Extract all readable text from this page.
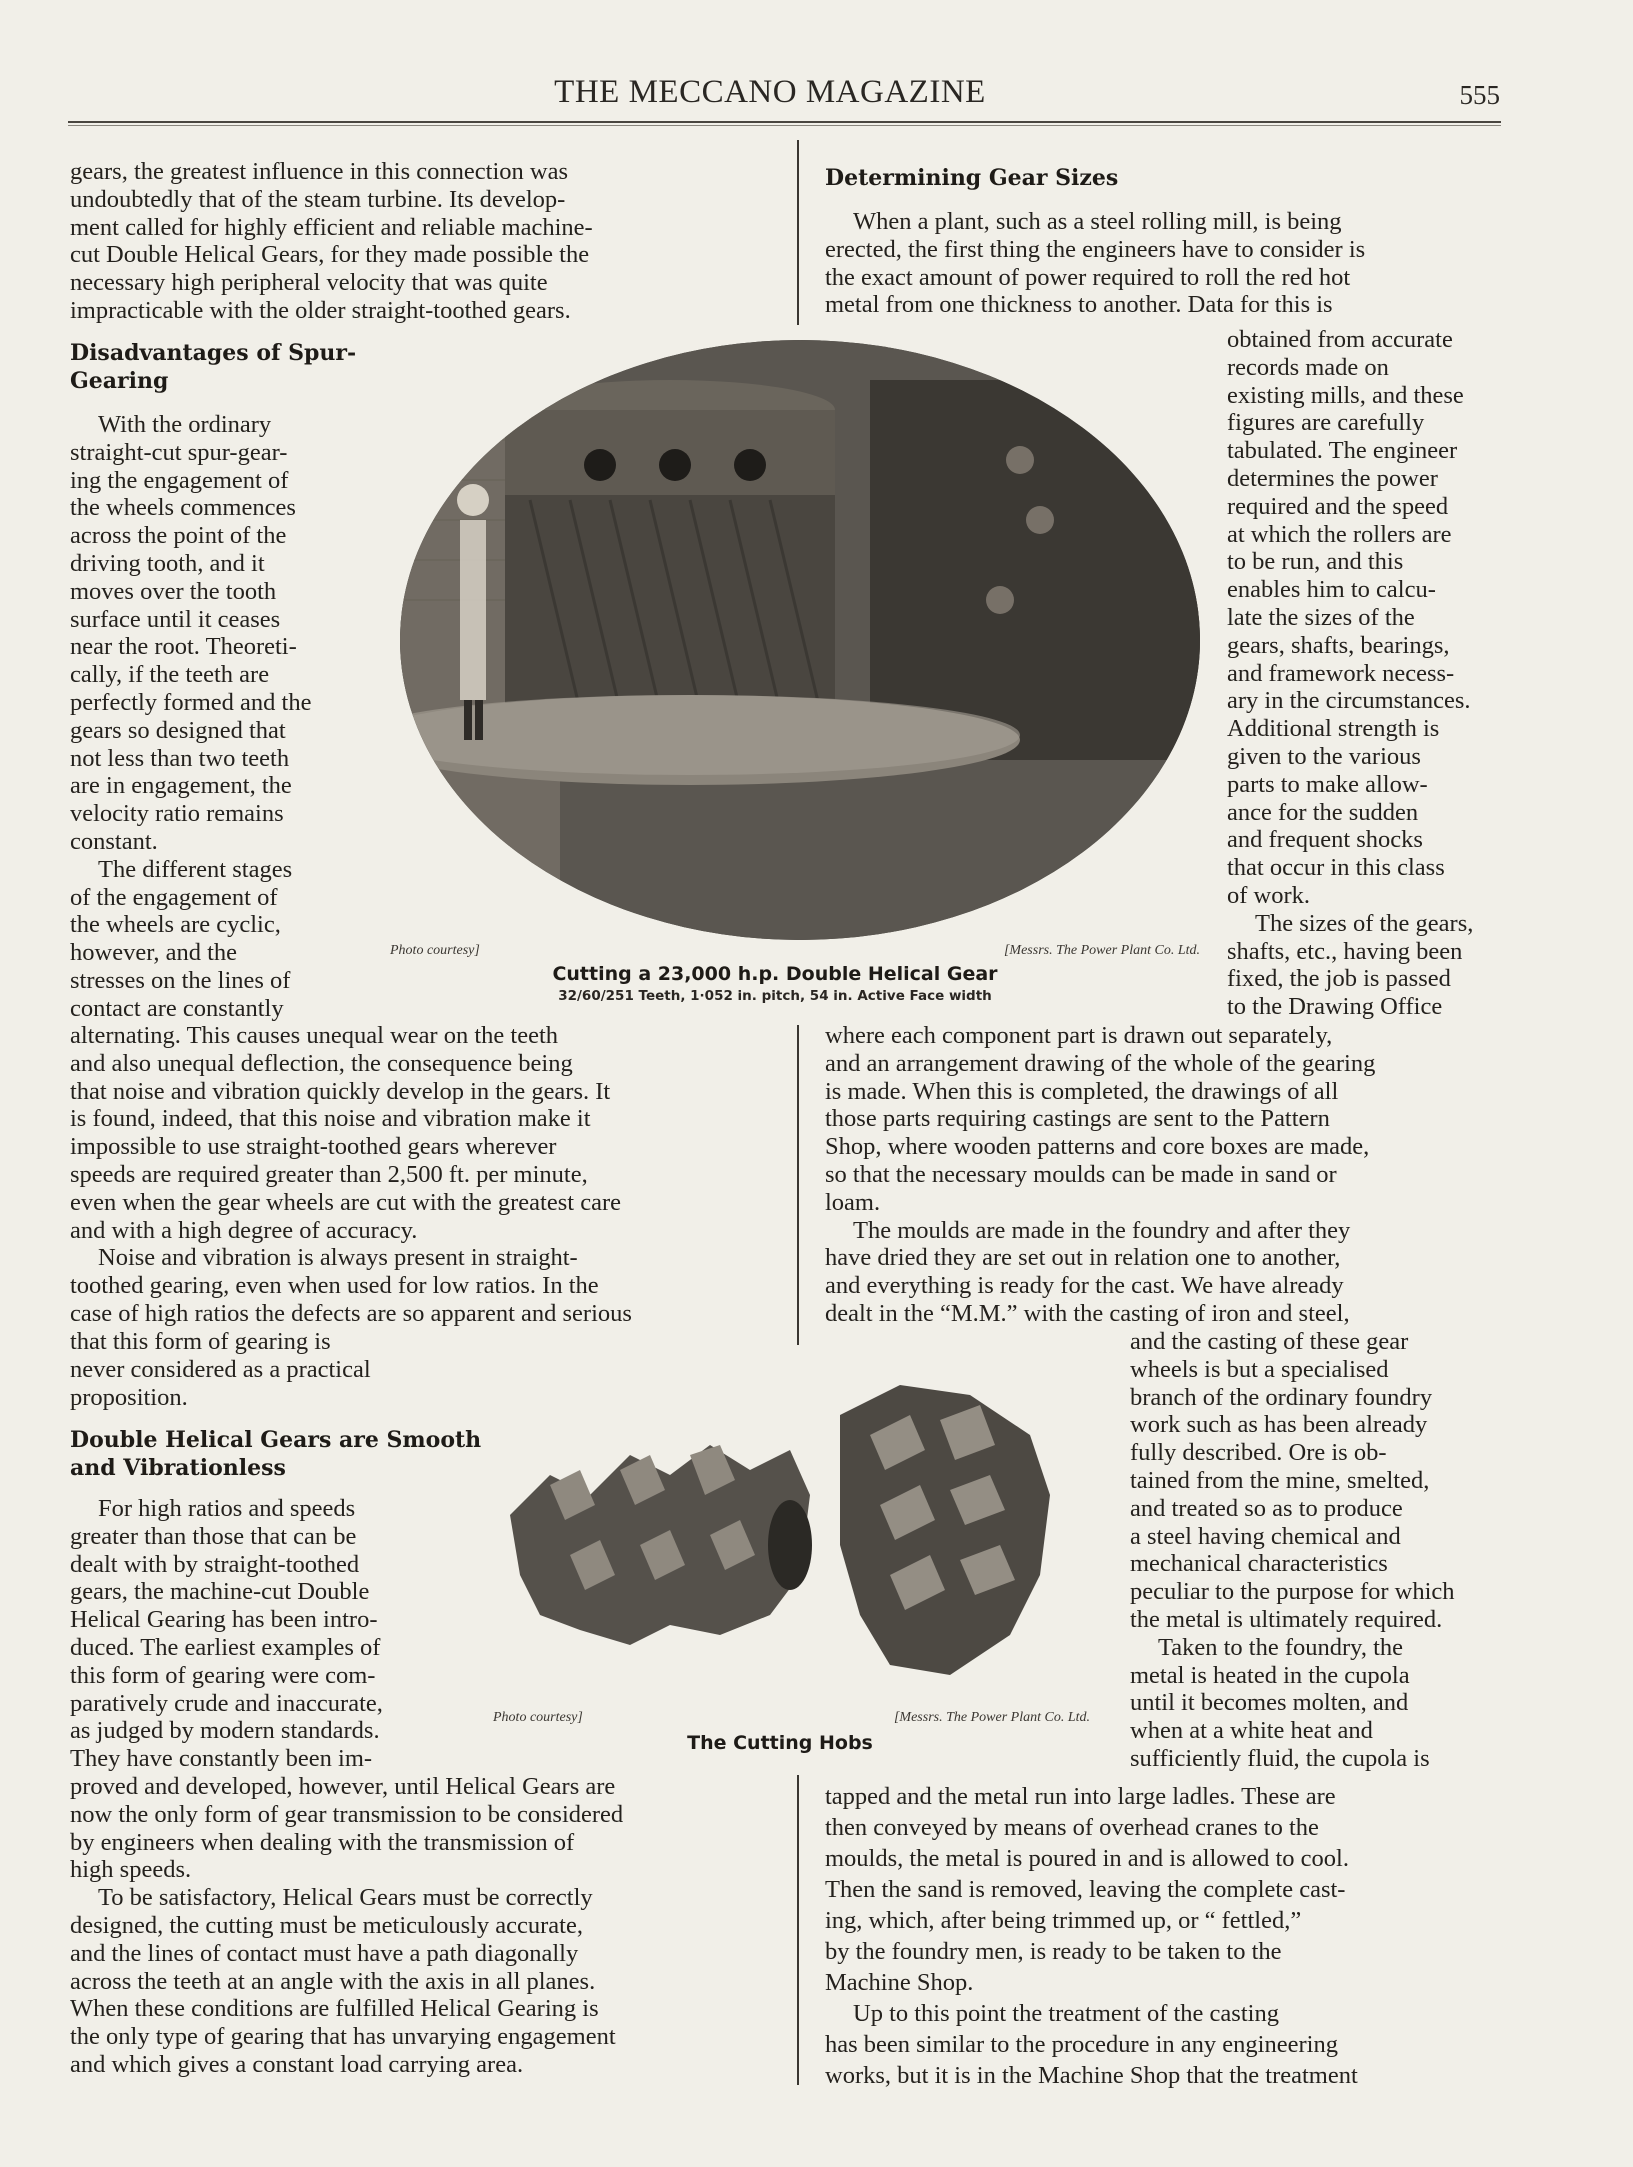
THE MECCANO MAGAZINE	555

gears, the greatest influence in this connection was

undoubtedly that of the steam turbine. Its develop-

ment called for highly efficient and reliable machine-

cut Double Helical Gears, for they made possible the

necessary high peripheral velocity that was quite

impracticable with the older straight-toothed gears.

Disadvantages of Spur-Gearing

With the ordinary

straight-cut spur-gear-

ing the engagement of

the wheels commences

across the point of the

driving tooth, and it

moves over the tooth

surface until it ceases

near the root. Theoreti-

cally, if the teeth are

perfectly formed and the

gears so designed that

not less than two teeth

are in engagement, the

velocity ratio remains

constant.

The different stages

of the engagement of

the wheels are cyclic,

however, and the

stresses on the lines of

contact are constantly

alternating. This causes unequal wear on the teeth

and also unequal deflection, the consequence being

that noise and vibration quickly develop in the gears. It

is found, indeed, that this noise and vibration make it

impossible to use straight-toothed gears wherever

speeds are required greater than 2,500 ft. per minute,

even when the gear wheels are cut with the greatest care

and with a high degree of accuracy.

Noise and vibration is always present in straight-

toothed gearing, even when used for low ratios. In the

case of high ratios the defects are so apparent and serious

that this form of gearing is

never considered as a practical

proposition.

Double Helical Gears are Smooth
and Vibrationless

For high ratios and speeds

greater than those that can be

dealt with by straight-toothed

gears, the machine-cut Double

Helical Gearing has been intro-

duced. The earliest examples of

this form of gearing were com-

paratively crude and inaccurate,

as judged by modern standards.

They have constantly been im-

proved and developed, however, until Helical Gears are

now the only form of gear transmission to be considered

by engineers when dealing with the transmission of

high speeds.

To be satisfactory, Helical Gears must be correctly

designed, the cutting must be meticulously accurate,

and the lines of contact must have a path diagonally

across the teeth at an angle with the axis in all planes.

When these conditions are fulfilled Helical Gearing is

the only type of gearing that has unvarying engagement

and which gives a constant load carrying area.

Determining Gear Sizes

When a plant, such as a steel rolling mill, is being

erected, the first thing the engineers have to consider is

the exact amount of power required to roll the red hot

metal from one thickness to another. Data for this is

obtained from accurate

records made on

existing mills, and these

figures are carefully

tabulated. The engineer

determines the power

required and the speed

at which the rollers are

to be run, and this

enables him to calcu-

late the sizes of the

gears, shafts, bearings,

and framework necess-

ary in the circumstances.

Additional strength is

given to the various

parts to make allow-

ance for the sudden

and frequent shocks

that occur in this class

of work.

The sizes of the gears,

shafts, etc., having been

fixed, the job is passed

to the Drawing Office

where each component part is drawn out separately,

and an arrangement drawing of the whole of the gearing

is made. When this is completed, the drawings of all

those parts requiring castings are sent to the Pattern

Shop, where wooden patterns and core boxes are made,

so that the necessary moulds can be made in sand or

loam.

The moulds are made in the foundry and after they

have dried they are set out in relation one to another,

and everything is ready for the cast. We have already

dealt in the “M.M.” with the casting of iron and steel,

and the casting of these gear

wheels is but a specialised

branch of the ordinary foundry

work such as has been already

fully described. Ore is ob-

tained from the mine, smelted,

and treated so as to produce

a steel having chemical and

mechanical characteristics

peculiar to the purpose for which

the metal is ultimately required.

Taken to the foundry, the

metal is heated in the cupola

until it becomes molten, and

when at a white heat and

sufficiently fluid, the cupola is

tapped and the metal run into large ladles. These are

then conveyed by means of overhead cranes to the

moulds, the metal is poured in and is allowed to cool.

Then the sand is removed, leaving the complete cast-

ing, which, after being trimmed up, or “ fettled,”

by the foundry men, is ready to be taken to the

Machine Shop.

Up to this point the treatment of the casting

has been similar to the procedure in any engineering

works, but it is in the Machine Shop that the treatment

Photo courtesy]	[Messrs. The Power Plant Co. Ltd.
Cutting a 23,000 h.p. Double Helical Gear
32/60/251 Teeth, 1·052 in. pitch, 54 in. Active Face width
Photo courtesy]	[Messrs. The Power Plant Co. Ltd.
The Cutting Hobs
